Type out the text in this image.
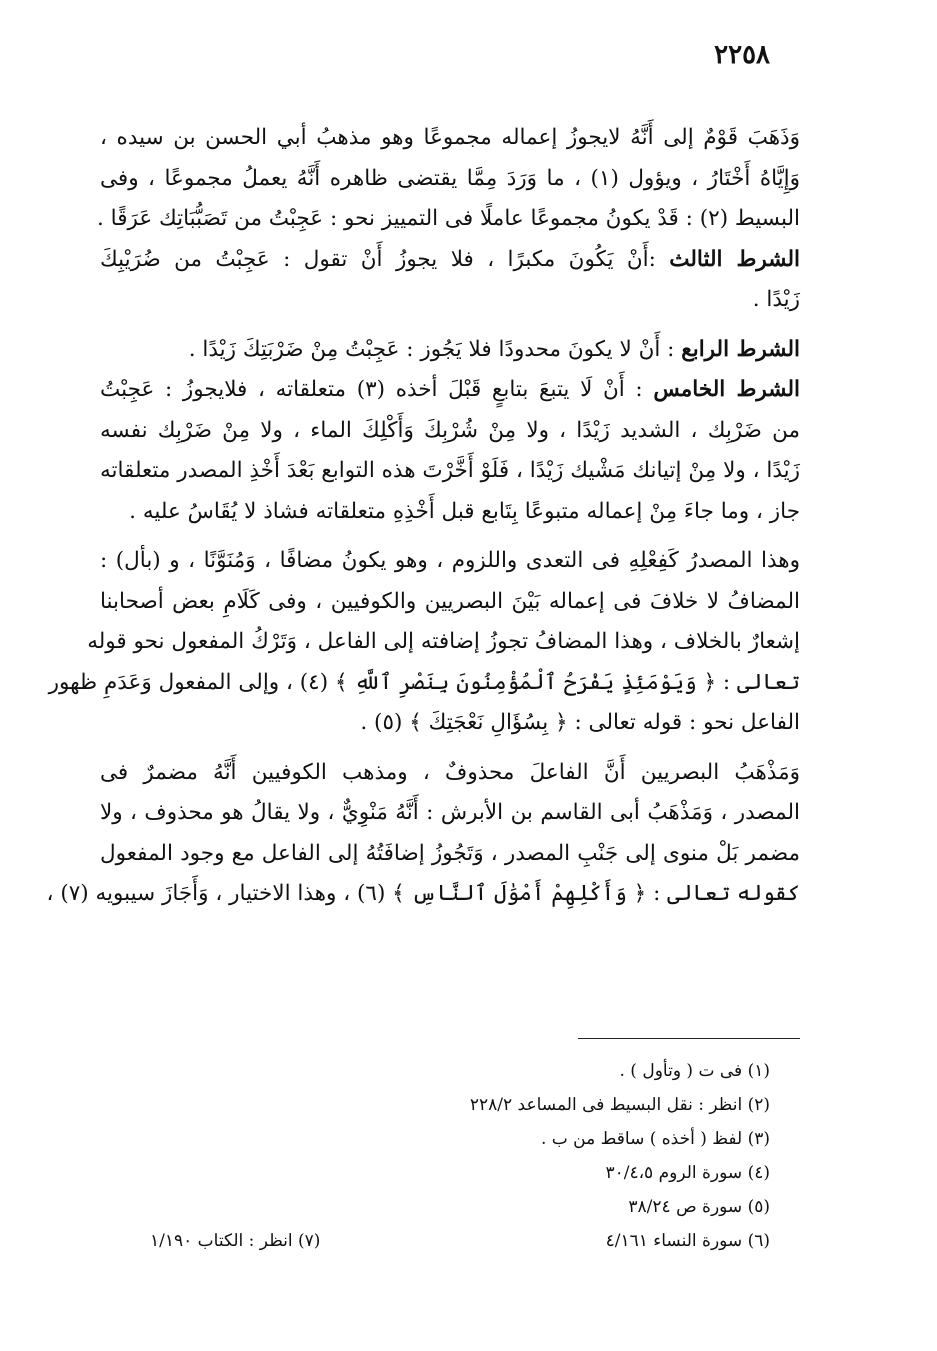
٢٢٥٨
وَذَهَبَ قَوْمٌ إلى أَنَّهُ لايجوزُ إعماله مجموعًا وهو مذهبُ أبي الحسن بن سيده ،
وَإِيَّاهُ أَخْتَارُ ، ويؤول (١) ، ما وَرَدَ مِمَّا يقتضى ظاهره أَنَّهُ يعملُ مجموعًا ، وفى
البسيط (٢) : قَدْ يكونُ مجموعًا عاملًا فى التمييز نحو : عَجِبْتُ من تَصَبُّبَاتِك عَرَقًا .
الشرط الثالث :أَنْ يَكُونَ مكبرًا ، فلا يجوزُ أَنْ تقول : عَجِبْتُ من ضُرَيْبِكَ
زَيْدًا .
الشرط الرابع : أَنْ لا يكونَ محدودًا فلا يَجُوز : عَجِبْتُ مِنْ ضَرْبَتِكَ زَيْدًا .
الشرط الخامس : أَنْ لَا يتبعَ بتابعٍ قَبْلَ أخذه (٣) متعلقاته ، فلايجوزُ : عَجِبْتُ
من ضَرْبِك ، الشديد زَيْدًا ، ولا مِنْ شُرْبِكَ وَأَكْلِكَ الماء ، ولا مِنْ ضَرْبِك نفسه
زَيْدًا ، ولا مِنْ إتيانك مَشْيك زَيْدًا ، فَلَوْ أَخَّرْتَ هذه التوابع بَعْدَ أَخْذِ المصدر متعلقاته
جاز ، وما جاءَ مِنْ إعماله متبوعًا بِتَابع قبل أَخْذِهِ متعلقاته فشاذ لا يُقَاسُ عليه .
وهذا المصدرُ كَفِعْلِهِ فى التعدى واللزوم ، وهو يكونُ مضافًا ، وَمُنَوَّنًا ، و (بأل) :
المضافُ لا خلافَ فى إعماله بَيْنَ البصريين والكوفيين ، وفى كَلَامِ بعض أصحابنا
إشعارٌ بالخلاف ، وهذا المضافُ تجوزُ إضافته إلى الفاعل ، وَتَرْكُ المفعول نحو قوله
تعالى : ﴿ وَيَوْمَئِذٍ يَفْرَحُ ٱلْمُؤْمِنُونَ بِنَصْرِ ٱللَّهِ ﴾ (٤) ، وإلى المفعول وَعَدَمِ ظهور
الفاعل نحو : قوله تعالى : ﴿ بِسُؤَالِ نَعْجَتِكَ ﴾ (٥) .
وَمَذْهَبُ البصريين أَنَّ الفاعلَ محذوفٌ ، ومذهب الكوفيين أَنَّهُ مضمرٌ فى
المصدر ، وَمَذْهَبُ أبى القاسم بن الأبرش : أَنَّهُ مَنْوِيٌّ ، ولا يقالُ هو محذوف ، ولا
مضمر بَلْ منوى إلى جَنْبِ المصدر ، وَتَجُوزُ إضافَتُهُ إلى الفاعل مع وجود المفعول
كقوله تعالى : ﴿ وَأَكْلِهِمْ أَمْوَٰلَ ٱلنَّاسِ ﴾ (٦) ، وهذا الاختيار ، وَأَجَازَ سيبويه (٧) ،
(١) فى ت ( وتأول ) .
(٢) انظر : نقل البسيط فى المساعد ٢٢٨/٢
(٣) لفظ ( أخذه ) ساقط من ب .
(٤) سورة الروم ٣٠/٤،٥
(٥) سورة ص ٣٨/٢٤
(٦) سورة النساء ٤/١٦١
(٧) انظر : الكتاب ١/١٩٠
